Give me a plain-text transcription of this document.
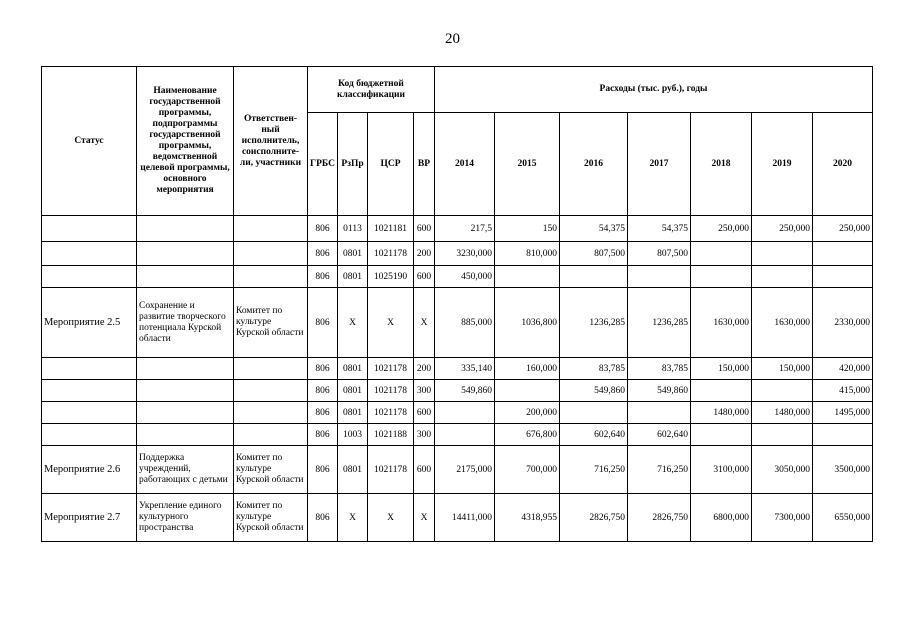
20
Статус	Наименование государственной программы, подпрограммы государственной программы, ведомственной целевой программы, основного мероприятия	Ответствен-ный исполнитель, соисполните-ли, участники	Код бюджетной классификации				Расходы (тыс. руб.), годы						
			ГРБС	РзПр	ЦСР	ВР	2014	2015	2016	2017	2018	2019	2020
			806	0113	1021181	600	217,5	150	54,375	54,375	250,000	250,000	250,000
			806	0801	1021178	200	3230,000	810,000	807,500	807,500			
			806	0801	1025190	600	450,000						
Мероприятие 2.5	Сохранение и развитие творческого потенциала Курской области	Комитет по культуре Курской области	806	Х	Х	Х	885,000	1036,800	1236,285	1236,285	1630,000	1630,000	2330,000
			806	0801	1021178	200	335,140	160,000	83,785	83,785	150,000	150,000	420,000
			806	0801	1021178	300	549,860		549,860	549,860			415,000
			806	0801	1021178	600		200,000			1480,000	1480,000	1495,000
			806	1003	1021188	300		676,800	602,640	602,640			
Мероприятие 2.6	Поддержка учреждений, работающих с детьми	Комитет по культуре Курской области	806	0801	1021178	600	2175,000	700,000	716,250	716,250	3100,000	3050,000	3500,000
Мероприятие 2.7	Укрепление единого культурного пространства	Комитет по культуре Курской области	806	Х	Х	Х	14411,000	4318,955	2826,750	2826,750	6800,000	7300,000	6550,000
